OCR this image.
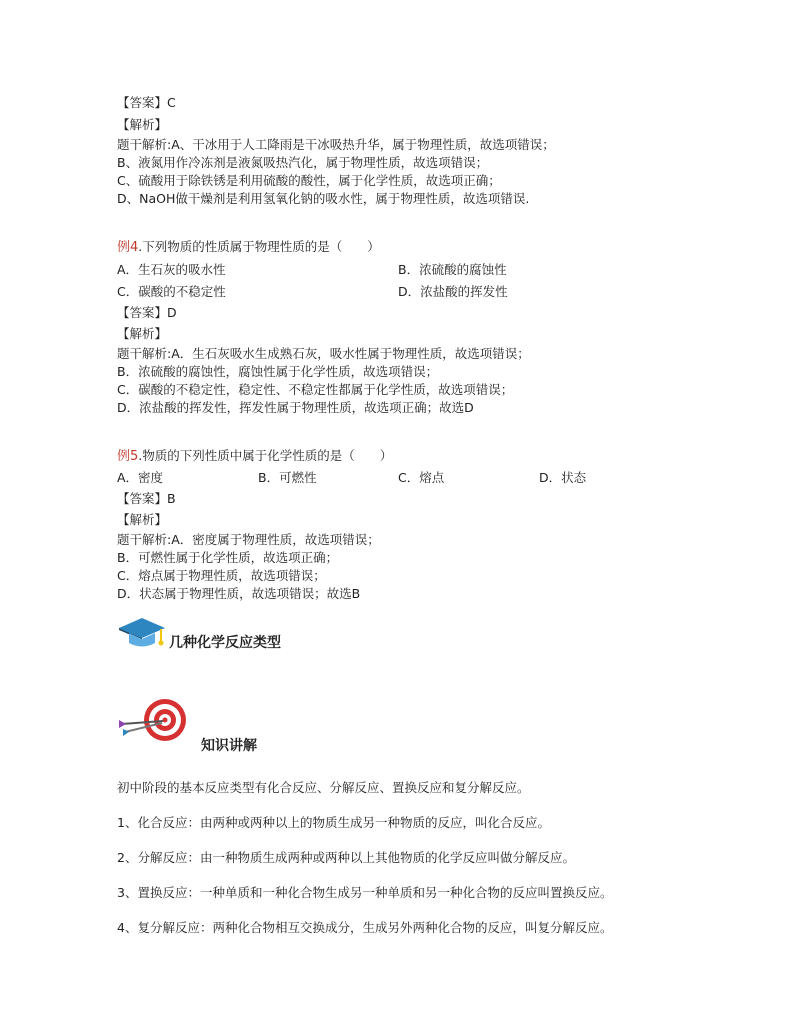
【答案】C
【解析】
题干解析:A、干冰用于人工降雨是干冰吸热升华，属于物理性质，故选项错误；
B、液氮用作冷冻剂是液氮吸热汽化，属于物理性质，故选项错误；
C、硫酸用于除铁锈是利用硫酸的酸性，属于化学性质，故选项正确；
D、NaOH做干燥剂是利用氢氧化钠的吸水性，属于物理性质，故选项错误.
例4.下列物质的性质属于物理性质的是（　　）
A．生石灰的吸水性	B．浓硫酸的腐蚀性
C．碳酸的不稳定性	D．浓盐酸的挥发性
【答案】D
【解析】
题干解析:A．生石灰吸水生成熟石灰，吸水性属于物理性质，故选项错误；
B．浓硫酸的腐蚀性，腐蚀性属于化学性质，故选项错误；
C．碳酸的不稳定性，稳定性、不稳定性都属于化学性质，故选项错误；
D．浓盐酸的挥发性，挥发性属于物理性质，故选项正确；故选D
例5.物质的下列性质中属于化学性质的是（　　）
A．密度	B．可燃性	C．熔点	D．状态
【答案】B
【解析】
题干解析:A．密度属于物理性质，故选项错误；
B．可燃性属于化学性质，故选项正确；
C．熔点属于物理性质，故选项错误；
D．状态属于物理性质，故选项错误；故选B
几种化学反应类型
知识讲解
初中阶段的基本反应类型有化合反应、分解反应、置换反应和复分解反应。
1、化合反应：由两种或两种以上的物质生成另一种物质的反应，叫化合反应。
2、分解反应：由一种物质生成两种或两种以上其他物质的化学反应叫做分解反应。
3、置换反应：一种单质和一种化合物生成另一种单质和另一种化合物的反应叫置换反应。
4、复分解反应：两种化合物相互交换成分，生成另外两种化合物的反应，叫复分解反应。
